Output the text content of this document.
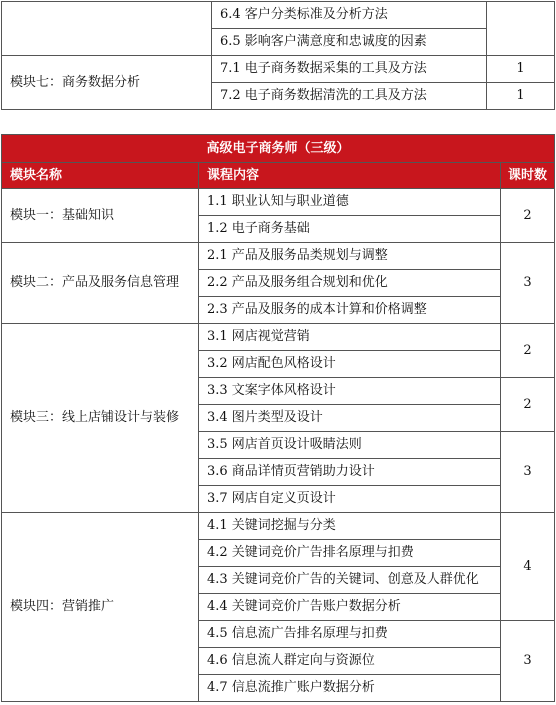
	6.4 客户分类标准及分析方法	
	6.5 影响客户满意度和忠诚度的因素	
模块七：商务数据分析	7.1 电子商务数据采集的工具及方法	1
	7.2 电子商务数据清洗的工具及方法	1
高级电子商务师（三级）		
模块名称	课程内容	课时数
模块一：基础知识	1.1 职业认知与职业道德	2
	1.2 电子商务基础	
模块二：产品及服务信息管理	2.1 产品及服务品类规划与调整	3
	2.2 产品及服务组合规划和优化	
	2.3 产品及服务的成本计算和价格调整	
模块三：线上店铺设计与装修	3.1 网店视觉营销	2
	3.2 网店配色风格设计	
	3.3 文案字体风格设计	2
	3.4 图片类型及设计	
	3.5 网店首页设计吸睛法则	3
	3.6 商品详情页营销助力设计	
	3.7 网店自定义页设计	
模块四：营销推广	4.1 关键词挖掘与分类	4
	4.2 关键词竞价广告排名原理与扣费	
	4.3 关键词竞价广告的关键词、创意及人群优化	
	4.4 关键词竞价广告账户数据分析	
	4.5 信息流广告排名原理与扣费	3
	4.6 信息流人群定向与资源位	
	4.7 信息流推广账户数据分析	
